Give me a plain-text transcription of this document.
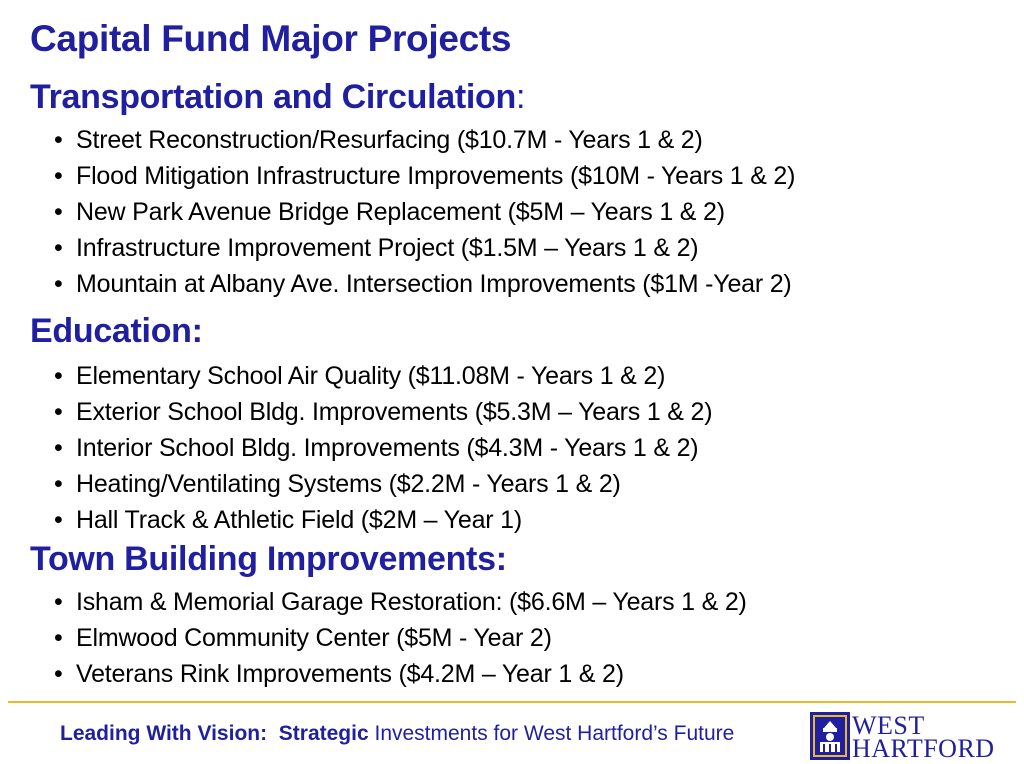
Capital Fund Major Projects
Transportation and Circulation:
• Street Reconstruction/Resurfacing ($10.7M - Years 1 & 2)
• Flood Mitigation Infrastructure Improvements ($10M - Years 1 & 2)
• New Park Avenue Bridge Replacement ($5M – Years 1 & 2)
• Infrastructure Improvement Project ($1.5M – Years 1 & 2)
• Mountain at Albany Ave. Intersection Improvements ($1M -Year 2)
Education:
• Elementary School Air Quality ($11.08M - Years 1 & 2)
• Exterior School Bldg. Improvements ($5.3M – Years 1 & 2)
• Interior School Bldg. Improvements ($4.3M - Years 1 & 2)
• Heating/Ventilating Systems ($2.2M - Years 1 & 2)
• Hall Track & Athletic Field ($2M – Year 1)
Town Building Improvements:
• Isham & Memorial Garage Restoration: ($6.6M – Years 1 & 2)
• Elmwood Community Center ($5M - Year 2)
• Veterans Rink Improvements ($4.2M – Year 1 & 2)
Leading With Vision: Strategic Investments for West Hartford’s Future	WEST
HARTFORD
